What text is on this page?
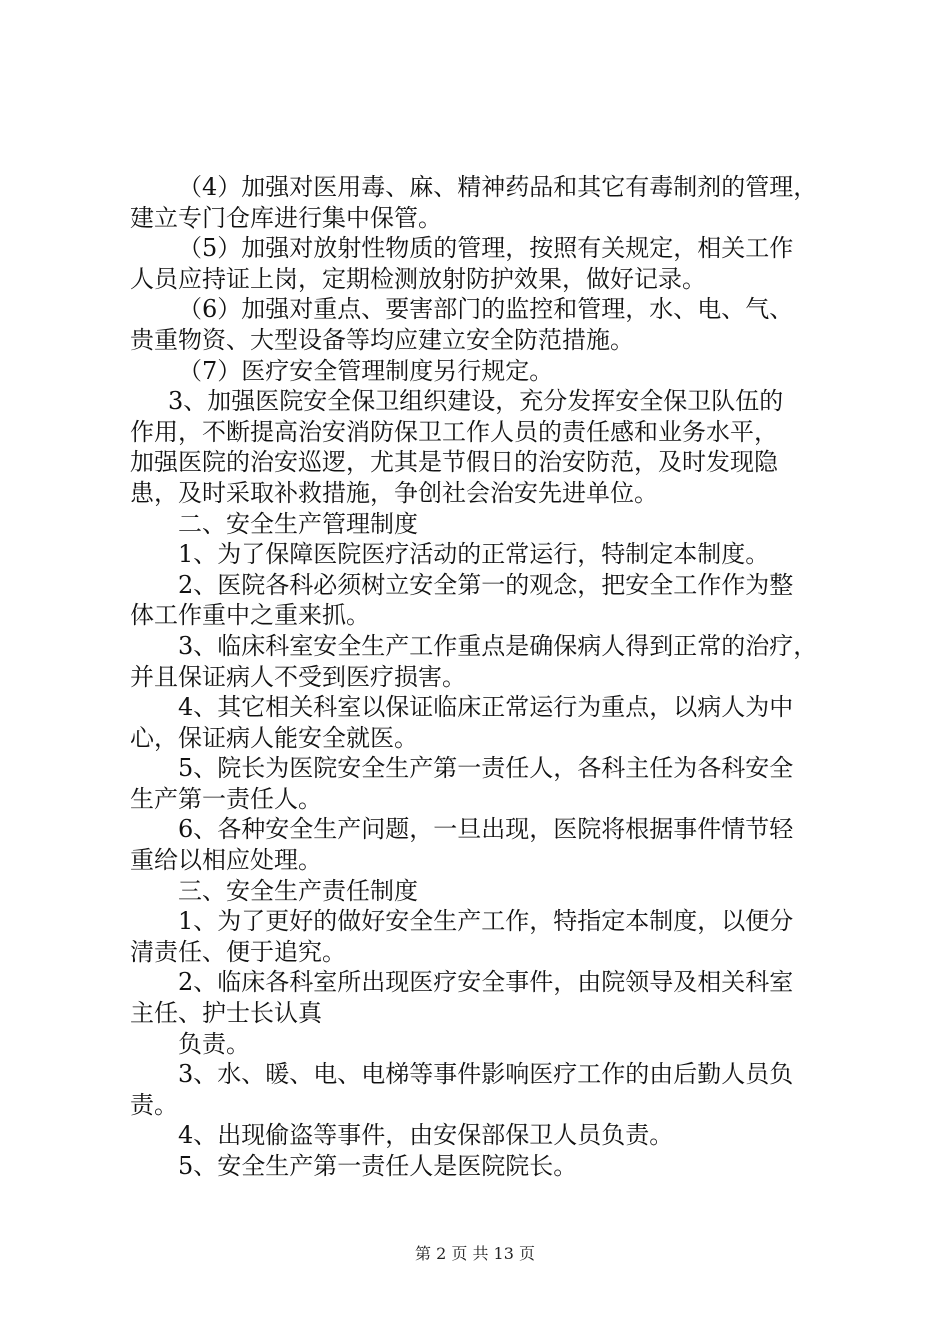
（4）加强对医用毒、麻、精神药品和其它有毒制剂的管理，
建立专门仓库进行集中保管。
（5）加强对放射性物质的管理，按照有关规定，相关工作
人员应持证上岗，定期检测放射防护效果，做好记录。
（6）加强对重点、要害部门的监控和管理，水、电、气、
贵重物资、大型设备等均应建立安全防范措施。
（7）医疗安全管理制度另行规定。
3、加强医院安全保卫组织建设，充分发挥安全保卫队伍的
作用，不断提高治安消防保卫工作人员的责任感和业务水平，
加强医院的治安巡逻，尤其是节假日的治安防范，及时发现隐
患，及时采取补救措施，争创社会治安先进单位。
二、安全生产管理制度
1、为了保障医院医疗活动的正常运行，特制定本制度。
2、医院各科必须树立安全第一的观念，把安全工作作为整
体工作重中之重来抓。
3、临床科室安全生产工作重点是确保病人得到正常的治疗，
并且保证病人不受到医疗损害。
4、其它相关科室以保证临床正常运行为重点，以病人为中
心，保证病人能安全就医。
5、院长为医院安全生产第一责任人，各科主任为各科安全
生产第一责任人。
6、各种安全生产问题，一旦出现，医院将根据事件情节轻
重给以相应处理。
三、安全生产责任制度
1、为了更好的做好安全生产工作，特指定本制度，以便分
清责任、便于追究。
2、临床各科室所出现医疗安全事件，由院领导及相关科室
主任、护士长认真
负责。
3、水、暖、电、电梯等事件影响医疗工作的由后勤人员负
责。
4、出现偷盗等事件，由安保部保卫人员负责。
5、安全生产第一责任人是医院院长。
第 2 页 共 13 页
